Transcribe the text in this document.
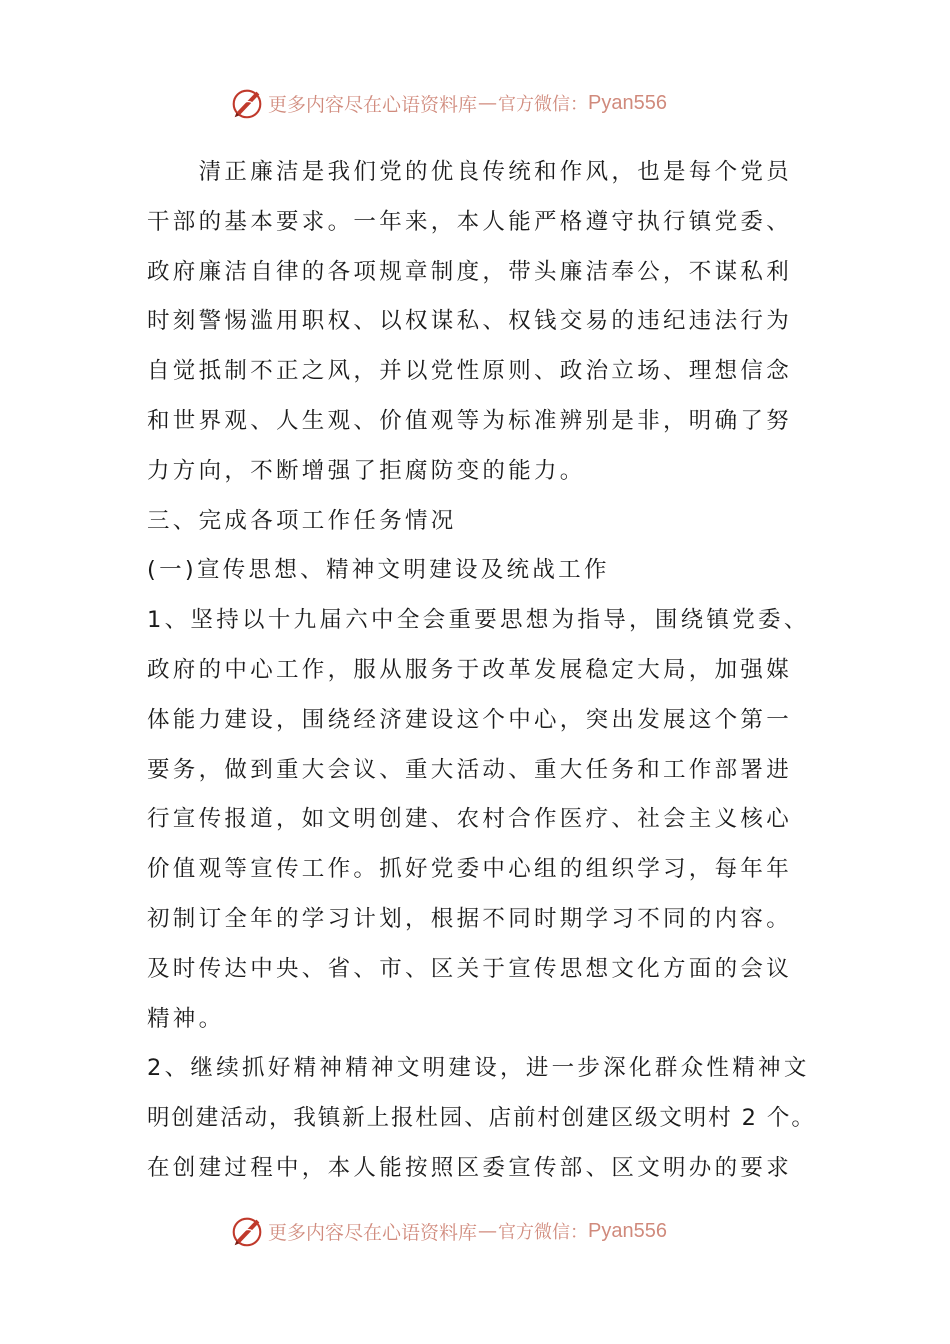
更多内容尽在心语资料库 — 官方微信： Pyan556
　　清正廉洁是我们党的优良传统和作风，也是每个党员
干部的基本要求。一年来，本人能严格遵守执行镇党委、
政府廉洁自律的各项规章制度，带头廉洁奉公，不谋私利
时刻警惕滥用职权、以权谋私、权钱交易的违纪违法行为
自觉抵制不正之风，并以党性原则、政治立场、理想信念
和世界观、人生观、价值观等为标准辨别是非，明确了努
力方向，不断增强了拒腐防变的能力。
三、完成各项工作任务情况
(一)宣传思想、精神文明建设及统战工作
1、坚持以十九届六中全会重要思想为指导，围绕镇党委、
政府的中心工作，服从服务于改革发展稳定大局，加强媒
体能力建设，围绕经济建设这个中心，突出发展这个第一
要务，做到重大会议、重大活动、重大任务和工作部署进
行宣传报道，如文明创建、农村合作医疗、社会主义核心
价值观等宣传工作。抓好党委中心组的组织学习，每年年
初制订全年的学习计划，根据不同时期学习不同的内容。
及时传达中央、省、市、区关于宣传思想文化方面的会议
精神。
2、继续抓好精神精神文明建设，进一步深化群众性精神文
明创建活动，我镇新上报杜园、店前村创建区级文明村 2 个。
在创建过程中，本人能按照区委宣传部、区文明办的要求
更多内容尽在心语资料库 — 官方微信： Pyan556
